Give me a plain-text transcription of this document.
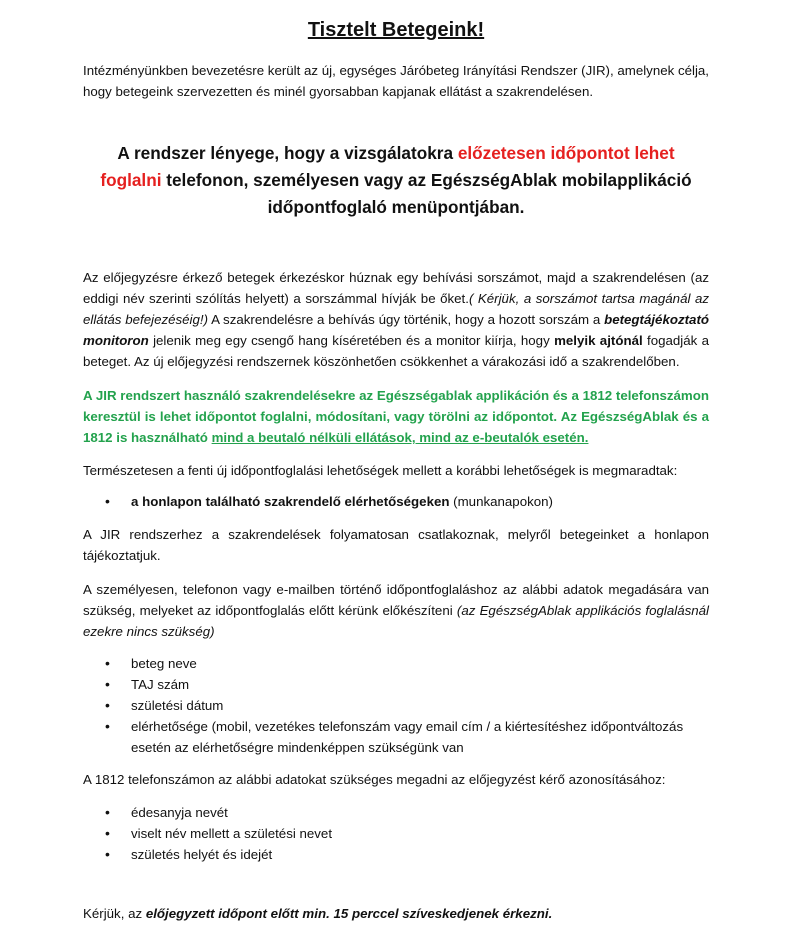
Tisztelt Betegeink!

Intézményünkben bevezetésre került az új, egységes Járóbeteg Irányítási Rendszer (JIR), amelynek célja, hogy betegeink szervezetten és minél gyorsabban kapjanak ellátást a szakrendelésen.

A rendszer lényege, hogy a vizsgálatokra előzetesen időpontot lehet foglalni telefonon, személyesen vagy az EgészségAblak mobilapplikáció időpontfoglaló menüpontjában.

Az előjegyzésre érkező betegek érkezéskor húznak egy behívási sorszámot, majd a szakrendelésen (az eddigi név szerinti szólítás helyett) a sorszámmal hívják be őket.( Kérjük, a sorszámot tartsa magánál az ellátás befejezéséig!) A szakrendelésre a behívás úgy történik, hogy a hozott sorszám a betegtájékoztató monitoron jelenik meg egy csengő hang kíséretében és a monitor kiírja, hogy melyik ajtónál fogadják a beteget. Az új előjegyzési rendszernek köszönhetően csökkenhet a várakozási idő a szakrendelőben.

A JIR rendszert használó szakrendelésekre az Egészségablak applikáción és a 1812 telefonszámon keresztül is lehet időpontot foglalni, módosítani, vagy törölni az időpontot. Az EgészségAblak és a 1812 is használható mind a beutaló nélküli ellátások, mind az e-beutalók esetén.

Természetesen a fenti új időpontfoglalási lehetőségek mellett a korábbi lehetőségek is megmaradtak:

• a honlapon található szakrendelő elérhetőségeken (munkanapokon)

A JIR rendszerhez a szakrendelések folyamatosan csatlakoznak, melyről betegeinket a honlapon tájékoztatjuk.

A személyesen, telefonon vagy e-mailben történő időpontfoglaláshoz az alábbi adatok megadására van szükség, melyeket az időpontfoglalás előtt kérünk előkészíteni (az EgészségAblak applikációs foglalásnál ezekre nincs szükség)

• beteg neve
• TAJ szám
• születési dátum
• elérhetősége (mobil, vezetékes telefonszám vagy email cím / a kiértesítéshez időpontváltozás esetén az elérhetőségre mindenképpen szükségünk van

A 1812 telefonszámon az alábbi adatokat szükséges megadni az előjegyzést kérő azonosításához:

• édesanyja nevét
• viselt név mellett a születési nevet
• születés helyét és idejét

Kérjük, az előjegyzett időpont előtt min. 15 perccel szíveskedjenek érkezni.
